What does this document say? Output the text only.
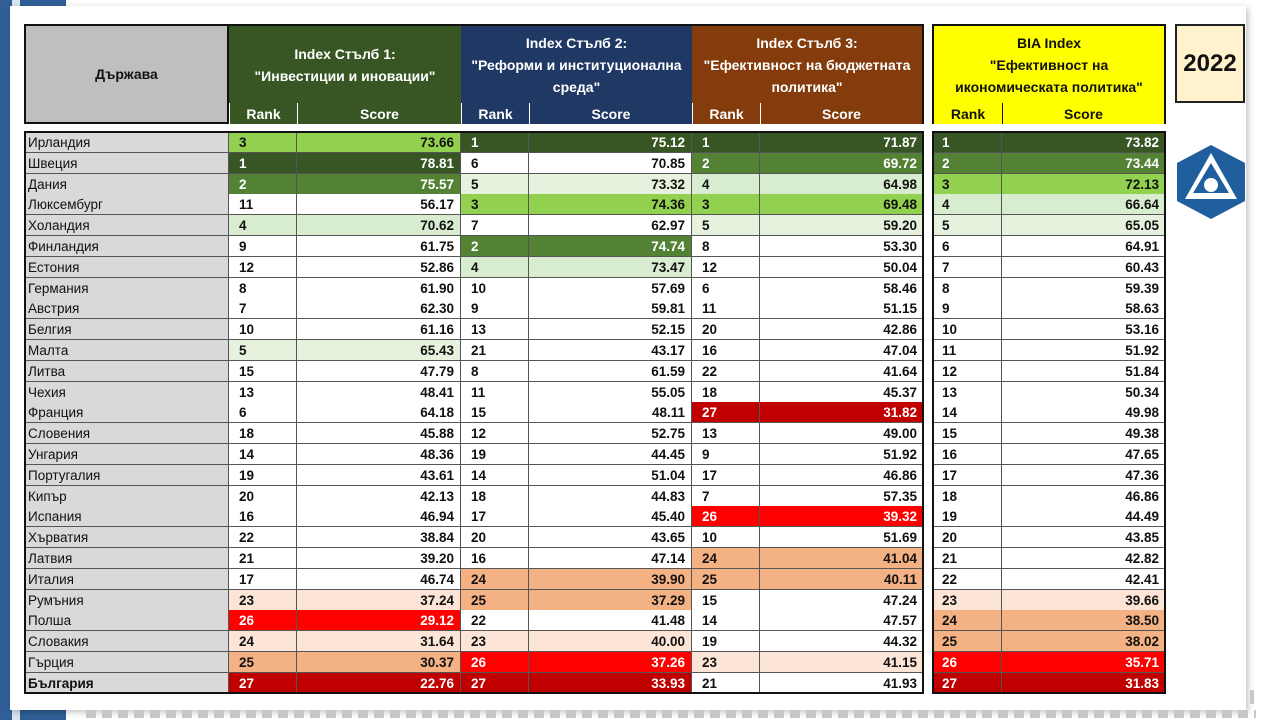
2022
Държава
Index Стълб 1:
"Инвестиции и иновации"
Rank	Score
Index Стълб 2:
"Реформи и институционална среда"
Rank	Score
Index Стълб 3:
"Ефективност на бюджетната политика"
Rank	Score
BIA Index
"Ефективност на икономическата политика"
Rank	Score
Ирландия	3	73.66	1	75.12	1	71.87	1	73.82
Швеция	1	78.81	6	70.85	2	69.72	2	73.44
Дания	2	75.57	5	73.32	4	64.98	3	72.13
Люксембург	11	56.17	3	74.36	3	69.48	4	66.64
Холандия	4	70.62	7	62.97	5	59.20	5	65.05
Финландия	9	61.75	2	74.74	8	53.30	6	64.91
Естония	12	52.86	4	73.47	12	50.04	7	60.43
Германия	8	61.90	10	57.69	6	58.46	8	59.39
Австрия	7	62.30	9	59.81	11	51.15	9	58.63
Белгия	10	61.16	13	52.15	20	42.86	10	53.16
Малта	5	65.43	21	43.17	16	47.04	11	51.92
Литва	15	47.79	8	61.59	22	41.64	12	51.84
Чехия	13	48.41	11	55.05	18	45.37	13	50.34
Франция	6	64.18	15	48.11	27	31.82	14	49.98
Словения	18	45.88	12	52.75	13	49.00	15	49.38
Унгария	14	48.36	19	44.45	9	51.92	16	47.65
Португалия	19	43.61	14	51.04	17	46.86	17	47.36
Кипър	20	42.13	18	44.83	7	57.35	18	46.86
Испания	16	46.94	17	45.40	26	39.32	19	44.49
Хърватия	22	38.84	20	43.65	10	51.69	20	43.85
Латвия	21	39.20	16	47.14	24	41.04	21	42.82
Италия	17	46.74	24	39.90	25	40.11	22	42.41
Румъния	23	37.24	25	37.29	15	47.24	23	39.66
Полша	26	29.12	22	41.48	14	47.57	24	38.50
Словакия	24	31.64	23	40.00	19	44.32	25	38.02
Гърция	25	30.37	26	37.26	23	41.15	26	35.71
България	27	22.76	27	33.93	21	41.93	27	31.83
